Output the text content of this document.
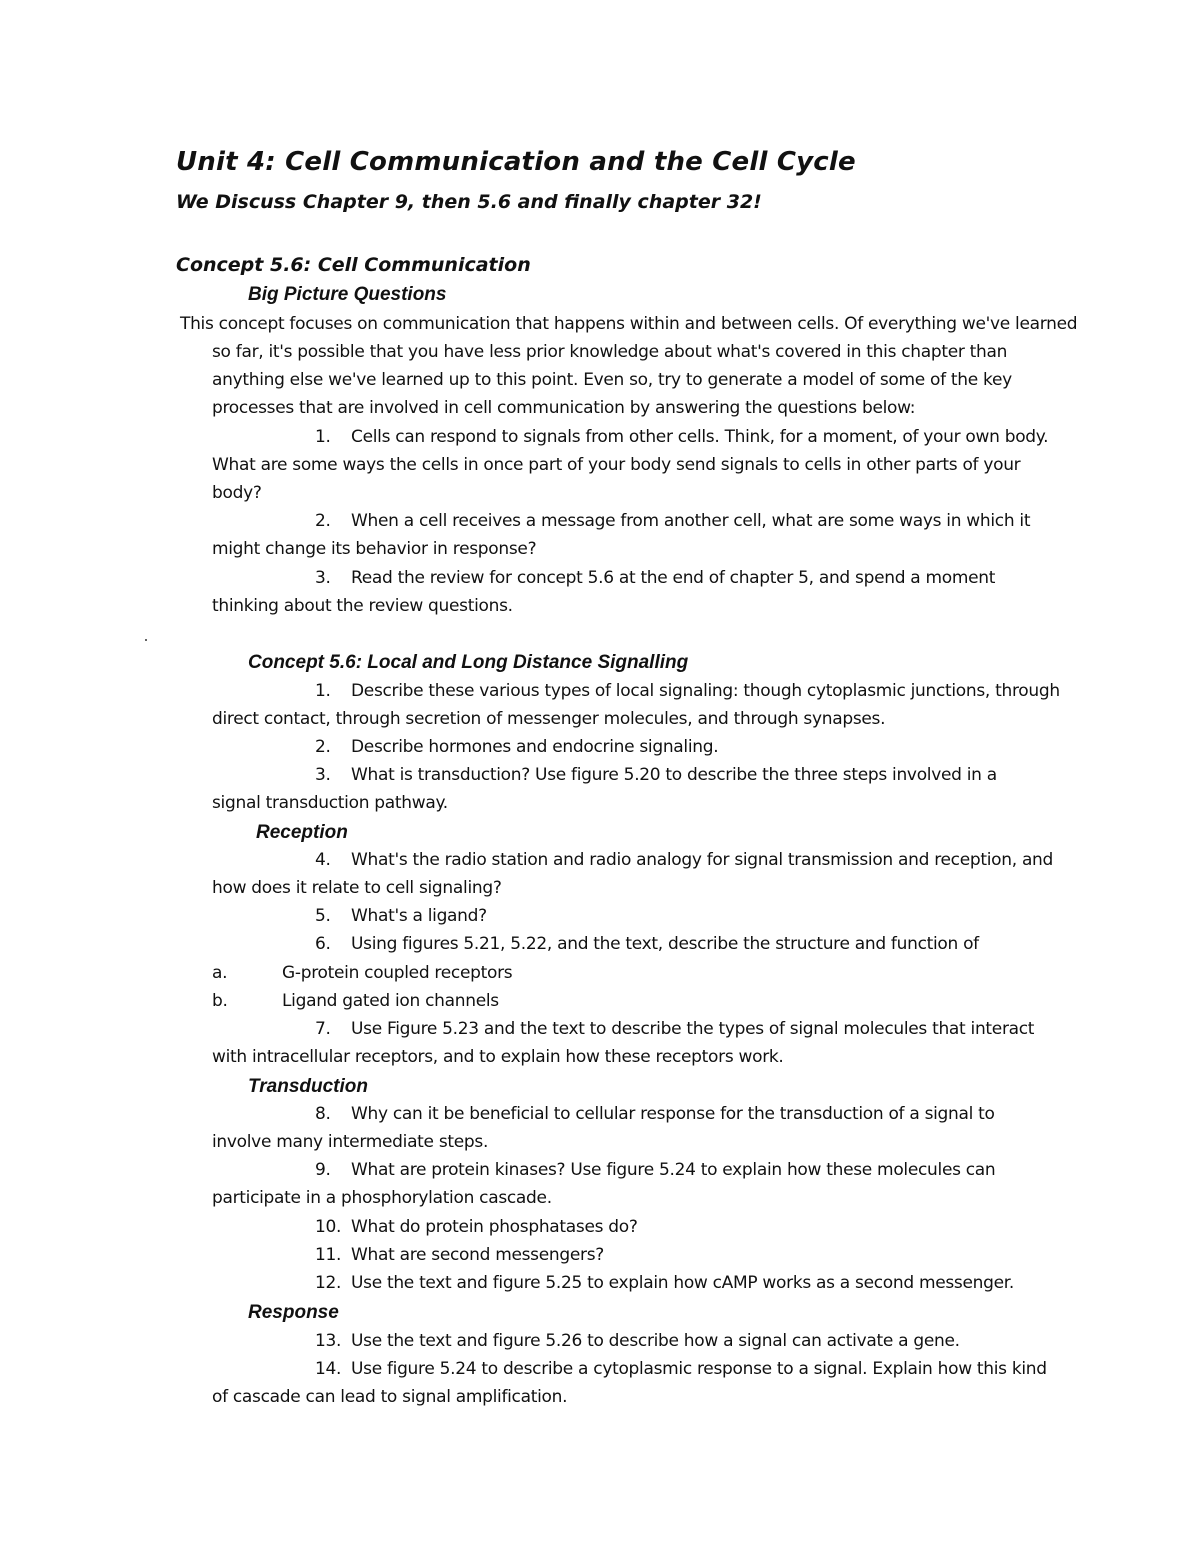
Unit 4: Cell Communication and the Cell Cycle
We Discuss Chapter 9, then 5.6 and finally chapter 32!
Concept 5.6: Cell Communication
Big Picture Questions
This concept focuses on communication that happens within and between cells. Of everything we've learned
so far, it's possible that you have less prior knowledge about what's covered in this chapter than
anything else we've learned up to this point. Even so, try to generate a model of some of the key
processes that are involved in cell communication by answering the questions below:
1. Cells can respond to signals from other cells. Think, for a moment, of your own body.
What are some ways the cells in once part of your body send signals to cells in other parts of your
body?
2. When a cell receives a message from another cell, what are some ways in which it
might change its behavior in response?
3. Read the review for concept 5.6 at the end of chapter 5, and spend a moment
thinking about the review questions.
Concept 5.6: Local and Long Distance Signalling
1. Describe these various types of local signaling: though cytoplasmic junctions, through
direct contact, through secretion of messenger molecules, and through synapses.
2. Describe hormones and endocrine signaling.
3. What is transduction? Use figure 5.20 to describe the three steps involved in a
signal transduction pathway.
Reception
4. What's the radio station and radio analogy for signal transmission and reception, and
how does it relate to cell signaling?
5. What's a ligand?
6. Using figures 5.21, 5.22, and the text, describe the structure and function of
a.	G-protein coupled receptors
b.	Ligand gated ion channels
7. Use Figure 5.23 and the text to describe the types of signal molecules that interact
with intracellular receptors, and to explain how these receptors work.
Transduction
8. Why can it be beneficial to cellular response for the transduction of a signal to
involve many intermediate steps.
9. What are protein kinases? Use figure 5.24 to explain how these molecules can
participate in a phosphorylation cascade.
10. What do protein phosphatases do?
11. What are second messengers?
12. Use the text and figure 5.25 to explain how cAMP works as a second messenger.
Response
13. Use the text and figure 5.26 to describe how a signal can activate a gene.
14. Use figure 5.24 to describe a cytoplasmic response to a signal. Explain how this kind
of cascade can lead to signal amplification.
